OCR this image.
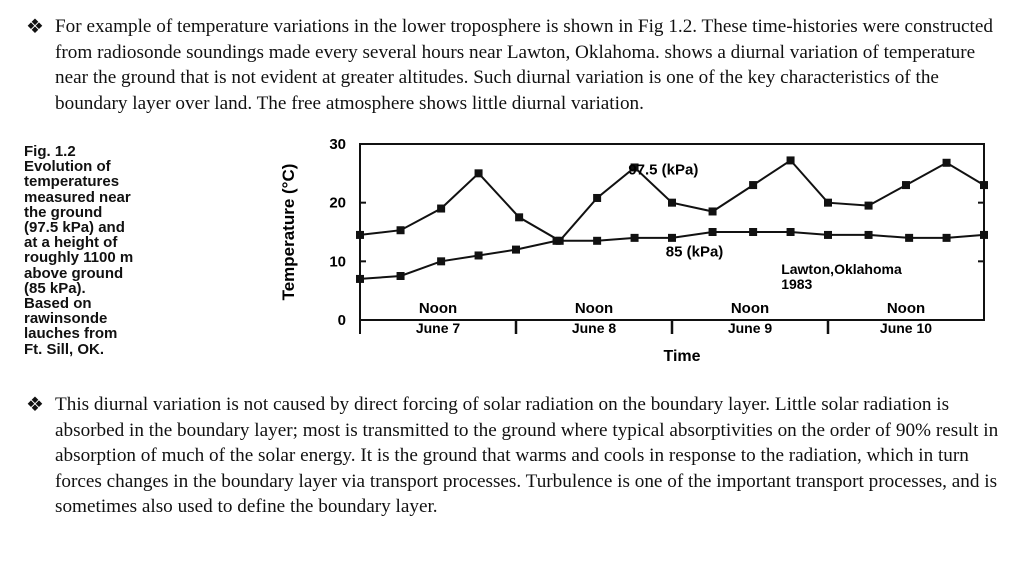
❖ For example of temperature variations in the lower troposphere is shown in Fig 1.2. These time-histories were constructed from radiosonde soundings made every several hours near Lawton, Oklahoma. shows a diurnal variation of temperature near the ground that is not evident at greater altitudes. Such diurnal variation is one of the key characteristics of the boundary layer over land. The free atmosphere shows little diurnal variation.
Fig. 1.2
Evolution of
temperatures
measured near
the ground
(97.5 kPa) and
at a height of
roughly 1100 m
above ground
(85 kPa).
Based on
rawinsonde
lauches from
Ft. Sill, OK.
0
10
20
30
Temperature (°C)
Noon
June 7
Noon
June 8
Noon
June 9
Noon
June 10
Time
97.5 (kPa)
85 (kPa)
Lawton,Oklahoma
1983
❖ This diurnal variation is not caused by direct forcing of solar radiation on the boundary layer. Little solar radiation is absorbed in the boundary layer; most is transmitted to the ground where typical absorptivities on the order of 90% result in absorption of much of the solar energy. It is the ground that warms and cools in response to the radiation, which in turn forces changes in the boundary layer via transport processes. Turbulence is one of the important transport processes, and is sometimes also used to define the boundary layer.
